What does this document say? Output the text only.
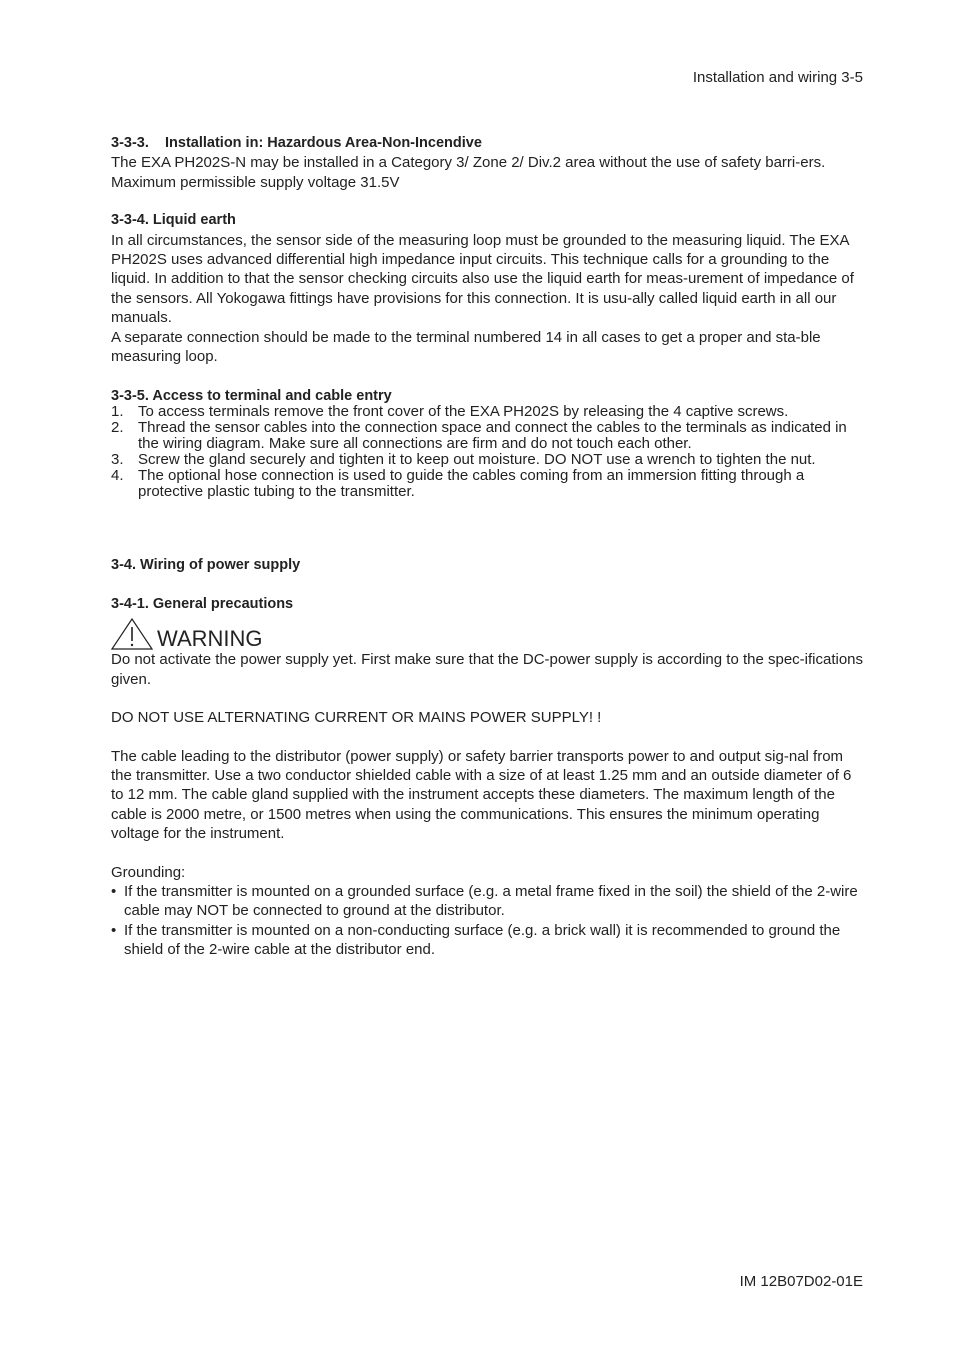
Installation and wiring 3-5

3-3-3.    Installation in: Hazardous Area-Non-Incendive

The EXA PH202S-N may be installed in a Category 3/ Zone 2/ Div.2 area without the use of safety barri-ers. Maximum permissible supply voltage 31.5V

3-3-4. Liquid earth

In all circumstances, the sensor side of the measuring loop must be grounded to the measuring liquid. The EXA PH202S uses advanced differential high impedance input circuits. This technique calls for a grounding to the liquid. In addition to that the sensor checking circuits also use the liquid earth for meas-urement of impedance of the sensors. All Yokogawa fittings have provisions for this connection. It is usu-ally called liquid earth in all our manuals.

A separate connection should be made to the terminal numbered 14 in all cases to get a proper and sta-ble measuring loop.

3-3-5. Access to terminal and cable entry

1. To access terminals remove the front cover of the EXA PH202S by releasing the 4 captive screws.
2. Thread the sensor cables into the connection space and connect the cables to the terminals as indicated in the wiring diagram. Make sure all connections are firm and do not touch each other.
3. Screw the gland securely and tighten it to keep out moisture. DO NOT use a wrench to tighten the nut.
4. The optional hose connection is used to guide the cables coming from an immersion fitting through a protective plastic tubing to the transmitter.

3-4. Wiring of power supply

3-4-1. General precautions

WARNING

Do not activate the power supply yet. First make sure that the DC-power supply is according to the spec-ifications given.

DO NOT USE ALTERNATING CURRENT OR MAINS POWER SUPPLY! !

The cable leading to the distributor (power supply) or safety barrier transports power to and output sig-nal from the transmitter. Use a two conductor shielded cable with a size of at least 1.25 mm and an outside diameter of 6 to 12 mm. The cable gland supplied with the instrument accepts these diameters. The maximum length of the cable is 2000 metre, or 1500 metres when using the communications. This ensures the minimum operating voltage for the instrument.

Grounding:

• If the transmitter is mounted on a grounded surface (e.g. a metal frame fixed in the soil) the shield of the 2-wire cable may NOT be connected to ground at the distributor.
• If the transmitter is mounted on a non-conducting surface (e.g. a brick wall) it is recommended to ground the shield of the 2-wire cable at the distributor end.
IM 12B07D02-01E
